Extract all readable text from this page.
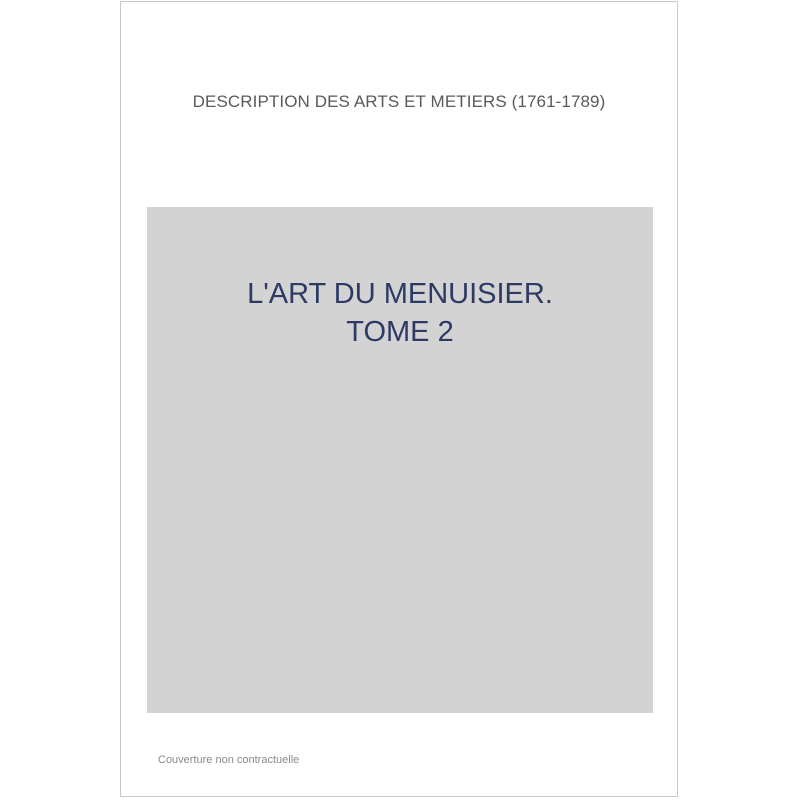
DESCRIPTION DES ARTS ET METIERS (1761-1789)
L'ART DU MENUISIER.
TOME 2
Couverture non contractuelle
